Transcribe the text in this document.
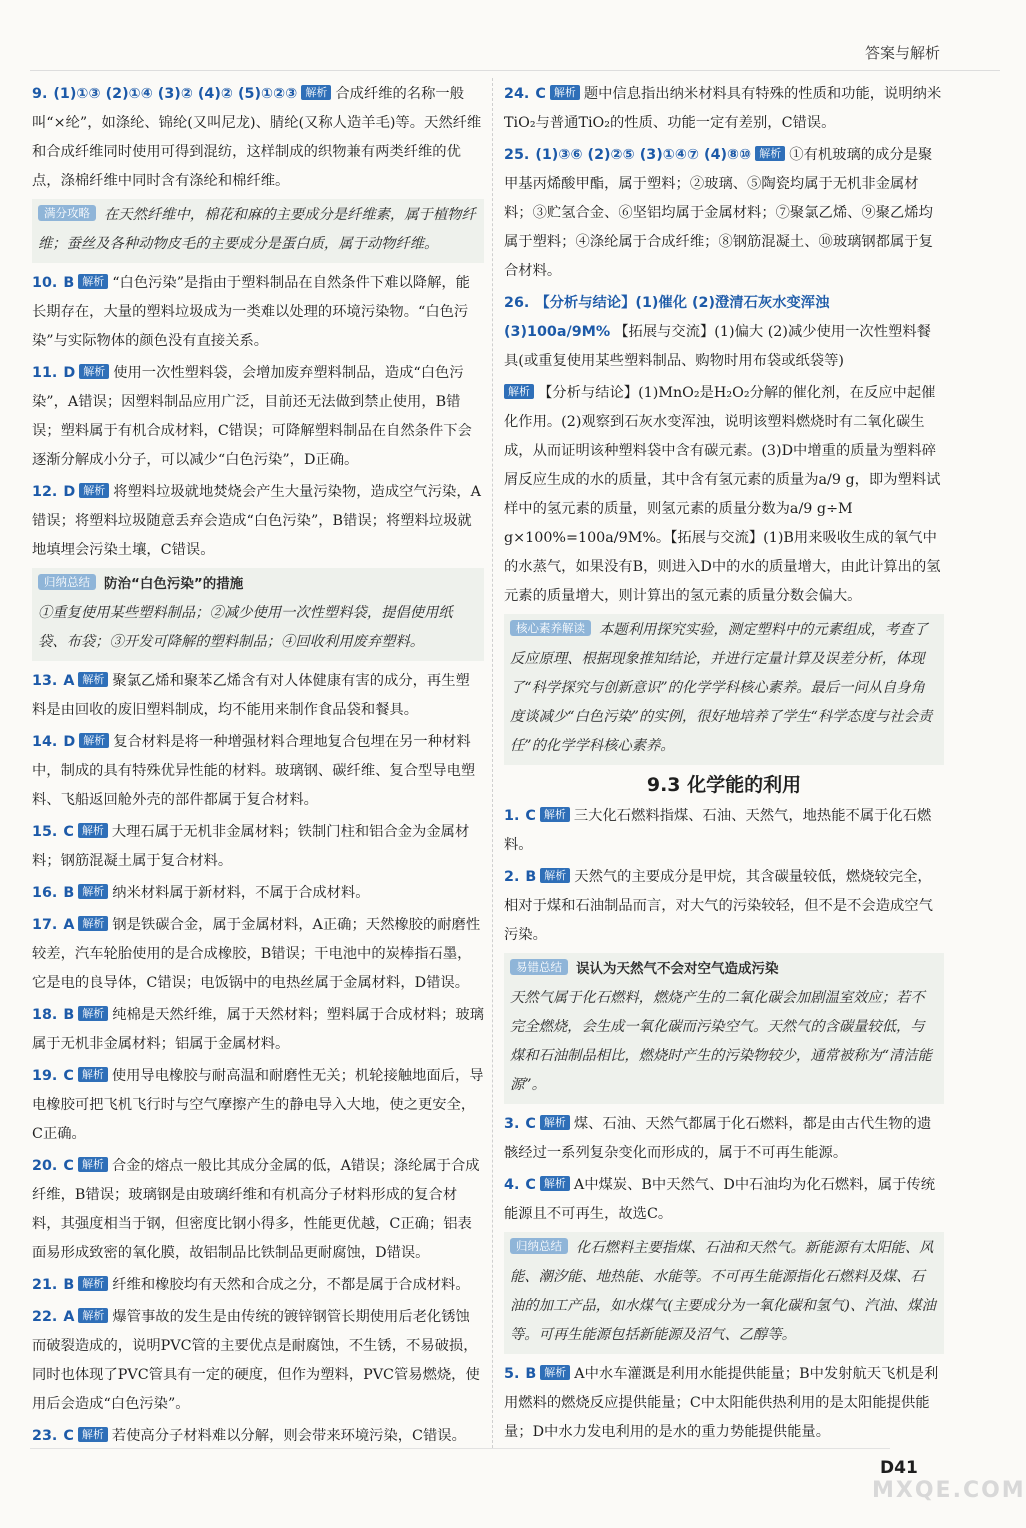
答案与解析
9. (1)①③ (2)①④ (3)② (4)② (5)①②③ 解析 合成纤维的名称一般叫“×纶”，如涤纶、锦纶(又叫尼龙)、腈纶(又称人造羊毛)等。天然纤维和合成纤维同时使用可得到混纺，这样制成的织物兼有两类纤维的优点，涤棉纤维中同时含有涤纶和棉纤维。
满分攻略 在天然纤维中，棉花和麻的主要成分是纤维素，属于植物纤维；蚕丝及各种动物皮毛的主要成分是蛋白质，属于动物纤维。
10. B 解析 “白色污染”是指由于塑料制品在自然条件下难以降解，能长期存在，大量的塑料垃圾成为一类难以处理的环境污染物。“白色污染”与实际物体的颜色没有直接关系。
11. D 解析 使用一次性塑料袋，会增加废弃塑料制品，造成“白色污染”，A错误；因塑料制品应用广泛，目前还无法做到禁止使用，B错误；塑料属于有机合成材料，C错误；可降解塑料制品在自然条件下会逐渐分解成小分子，可以减少“白色污染”，D正确。
12. D 解析 将塑料垃圾就地焚烧会产生大量污染物，造成空气污染，A错误；将塑料垃圾随意丢弃会造成“白色污染”，B错误；将塑料垃圾就地填埋会污染土壤，C错误。
归纳总结 防治“白色污染”的措施
①重复使用某些塑料制品；②减少使用一次性塑料袋，提倡使用纸袋、布袋；③开发可降解的塑料制品；④回收利用废弃塑料。
13. A 解析 聚氯乙烯和聚苯乙烯含有对人体健康有害的成分，再生塑料是由回收的废旧塑料制成，均不能用来制作食品袋和餐具。
14. D 解析 复合材料是将一种增强材料合理地复合包埋在另一种材料中，制成的具有特殊优异性能的材料。玻璃钢、碳纤维、复合型导电塑料、飞船返回舱外壳的部件都属于复合材料。
15. C 解析 大理石属于无机非金属材料；铁制门柱和铝合金为金属材料；钢筋混凝土属于复合材料。
16. B 解析 纳米材料属于新材料，不属于合成材料。
17. A 解析 钢是铁碳合金，属于金属材料，A正确；天然橡胶的耐磨性较差，汽车轮胎使用的是合成橡胶，B错误；干电池中的炭棒指石墨，它是电的良导体，C错误；电饭锅中的电热丝属于金属材料，D错误。
18. B 解析 纯棉是天然纤维，属于天然材料；塑料属于合成材料；玻璃属于无机非金属材料；铝属于金属材料。
19. C 解析 使用导电橡胶与耐高温和耐磨性无关；机轮接触地面后，导电橡胶可把飞机飞行时与空气摩擦产生的静电导入大地，使之更安全，C正确。
20. C 解析 合金的熔点一般比其成分金属的低，A错误；涤纶属于合成纤维，B错误；玻璃钢是由玻璃纤维和有机高分子材料形成的复合材料，其强度相当于钢，但密度比钢小得多，性能更优越，C正确；铝表面易形成致密的氧化膜，故铝制品比铁制品更耐腐蚀，D错误。
21. B 解析 纤维和橡胶均有天然和合成之分，不都是属于合成材料。
22. A 解析 爆管事故的发生是由传统的镀锌钢管长期使用后老化锈蚀而破裂造成的，说明PVC管的主要优点是耐腐蚀，不生锈，不易破损，同时也体现了PVC管具有一定的硬度，但作为塑料，PVC管易燃烧，使用后会造成“白色污染”。
23. C 解析 若使高分子材料难以分解，则会带来环境污染，C错误。
24. C 解析 题中信息指出纳米材料具有特殊的性质和功能，说明纳米TiO₂与普通TiO₂的性质、功能一定有差别，C错误。
25. (1)③⑥ (2)②⑤ (3)①④⑦ (4)⑧⑩ 解析 ①有机玻璃的成分是聚甲基丙烯酸甲酯，属于塑料；②玻璃、⑤陶瓷均属于无机非金属材料；③贮氢合金、⑥坚铝均属于金属材料；⑦聚氯乙烯、⑨聚乙烯均属于塑料；④涤纶属于合成纤维；⑧钢筋混凝土、⑩玻璃钢都属于复合材料。
26. 【分析与结论】(1)催化 (2)澄清石灰水变浑浊 (3)100a/9M% 【拓展与交流】(1)偏大 (2)减少使用一次性塑料餐具(或重复使用某些塑料制品、购物时用布袋或纸袋等)
解析 【分析与结论】(1)MnO₂是H₂O₂分解的催化剂，在反应中起催化作用。(2)观察到石灰水变浑浊，说明该塑料燃烧时有二氧化碳生成，从而证明该种塑料袋中含有碳元素。(3)D中增重的质量为塑料碎屑反应生成的水的质量，其中含有氢元素的质量为a/9 g，即为塑料试样中的氢元素的质量，则氢元素的质量分数为a/9 g÷M g×100%=100a/9M%。【拓展与交流】(1)B用来吸收生成的氧气中的水蒸气，如果没有B，则进入D中的水的质量增大，由此计算出的氢元素的质量增大，则计算出的氢元素的质量分数会偏大。
核心素养解读 本题利用探究实验，测定塑料中的元素组成，考查了反应原理、根据现象推知结论，并进行定量计算及误差分析，体现了“科学探究与创新意识”的化学学科核心素养。最后一问从自身角度谈减少“白色污染”的实例，很好地培养了学生“科学态度与社会责任”的化学学科核心素养。
9.3 化学能的利用
1. C 解析 三大化石燃料指煤、石油、天然气，地热能不属于化石燃料。
2. B 解析 天然气的主要成分是甲烷，其含碳量较低，燃烧较完全，相对于煤和石油制品而言，对大气的污染较轻，但不是不会造成空气污染。
易错总结 误认为天然气不会对空气造成污染
天然气属于化石燃料，燃烧产生的二氧化碳会加剧温室效应；若不完全燃烧，会生成一氧化碳而污染空气。天然气的含碳量较低，与煤和石油制品相比，燃烧时产生的污染物较少，通常被称为“清洁能源”。
3. C 解析 煤、石油、天然气都属于化石燃料，都是由古代生物的遗骸经过一系列复杂变化而形成的，属于不可再生能源。
4. C 解析 A中煤炭、B中天然气、D中石油均为化石燃料，属于传统能源且不可再生，故选C。
归纳总结 化石燃料主要指煤、石油和天然气。新能源有太阳能、风能、潮汐能、地热能、水能等。不可再生能源指化石燃料及煤、石油的加工产品，如水煤气(主要成分为一氧化碳和氢气)、汽油、煤油等。可再生能源包括新能源及沼气、乙醇等。
5. B 解析 A中水车灌溉是利用水能提供能量；B中发射航天飞机是利用燃料的燃烧反应提供能量；C中太阳能供热利用的是太阳能提供能量；D中水力发电利用的是水的重力势能提供能量。
D41
MXQE.COM
